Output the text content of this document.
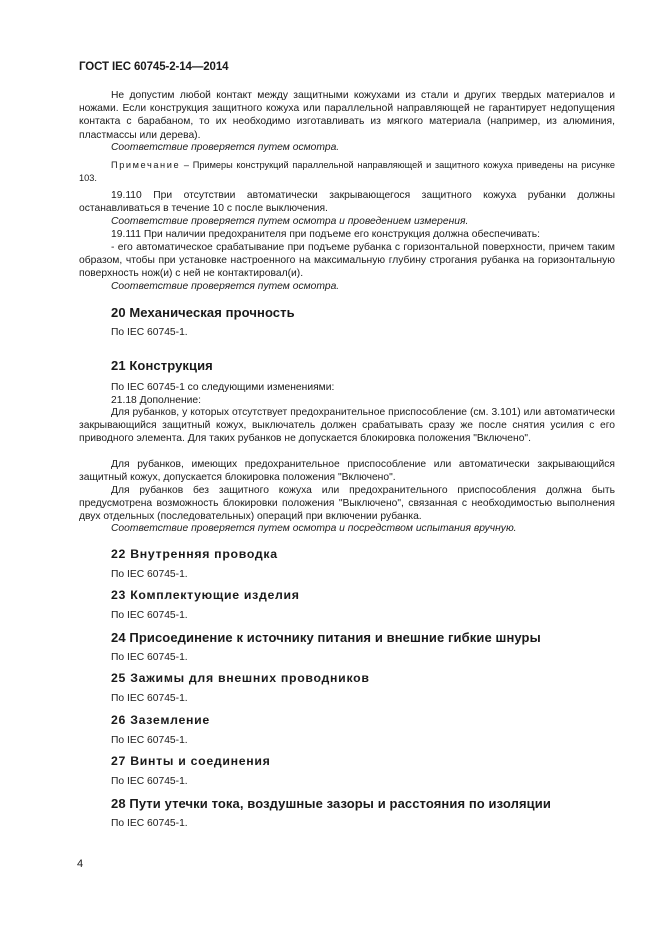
ГОСТ IEC 60745-2-14—2014

Не допустим любой контакт между защитными кожухами из стали и других твердых материалов и ножами. Если конструкция защитного кожуха или параллельной направляющей не гарантирует недопущения контакта с барабаном, то их необходимо изготавливать из мягкого материала (например, из алюминия, пластмассы или дерева).

Соответствие проверяется путем осмотра.

Примечание – Примеры конструкций параллельной направляющей и защитного кожуха приведены на рисунке 103.

19.110 При отсутствии автоматически закрывающегося защитного кожуха рубанки должны останавливаться в течение 10 с после выключения.

Соответствие проверяется путем осмотра и проведением измерения.

19.111 При наличии предохранителя при подъеме его конструкция должна обеспечивать:

- его автоматическое срабатывание при подъеме рубанка с горизонтальной поверхности, причем таким образом, чтобы при установке настроенного на максимальную глубину строгания рубанка на горизонтальную поверхность нож(и) с ней не контактировал(и).

Соответствие проверяется путем осмотра.

20 Механическая прочность

По IEC 60745-1.

21 Конструкция

По IEC 60745-1 со следующими изменениями:

21.18 Дополнение:

Для рубанков, у которых отсутствует предохранительное приспособление (см. 3.101) или автоматически закрывающийся защитный кожух, выключатель должен срабатывать сразу же после снятия усилия с его приводного элемента. Для таких рубанков не допускается блокировка положения "Включено".

Для рубанков, имеющих предохранительное приспособление или автоматически закрывающийся защитный кожух, допускается блокировка положения "Включено".

Для рубанков без защитного кожуха или предохранительного приспособления должна быть предусмотрена возможность блокировки положения "Выключено", связанная с необходимостью выполнения двух отдельных (последовательных) операций при включении рубанка.

Соответствие проверяется путем осмотра и посредством испытания вручную.

22 Внутренняя проводка

По IEC 60745-1.

23 Комплектующие изделия

По IEC 60745-1.

24 Присоединение к источнику питания и внешние гибкие шнуры

По IEC 60745-1.

25 Зажимы для внешних проводников

По IEC 60745-1.

26 Заземление

По IEC 60745-1.

27 Винты и соединения

По IEC 60745-1.

28 Пути утечки тока, воздушные зазоры и расстояния по изоляции

По IEC 60745-1.

4
